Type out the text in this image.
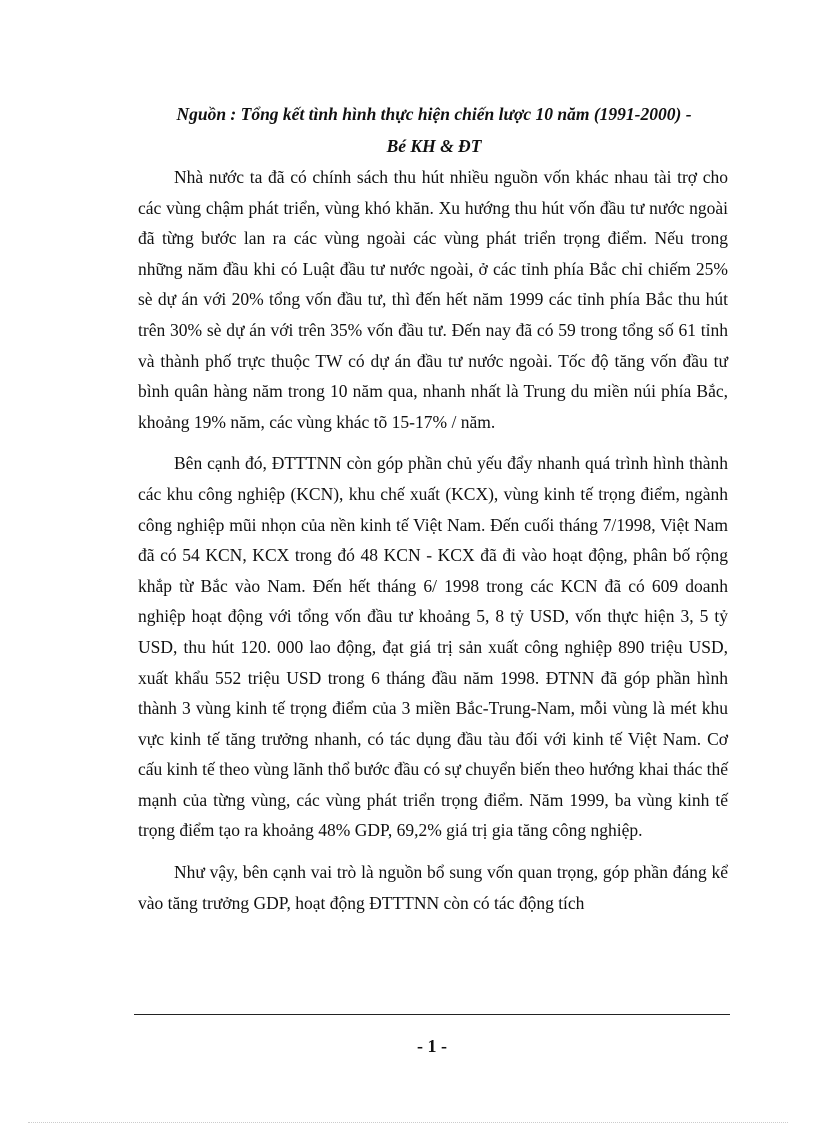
Nguồn : Tổng kết tình hình thực hiện chiến lược 10 năm (1991-2000) -
Bé KH & ĐT

Nhà nước ta đã có chính sách thu hút nhiều nguồn vốn khác nhau tài trợ cho các vùng chậm phát triển, vùng khó khăn. Xu hướng thu hút vốn đầu tư nước ngoài đã từng bước lan ra các vùng ngoài các vùng phát triển trọng điểm. Nếu trong những năm đầu khi có Luật đầu tư nước ngoài, ở các tỉnh phía Bắc chỉ chiếm 25% sè dự án với 20% tổng vốn đầu tư, thì đến hết năm 1999 các tỉnh phía Bắc thu hút trên 30% sè dự án với trên 35% vốn đầu tư. Đến nay đã có 59 trong tổng số 61 tỉnh và thành phố trực thuộc TW có dự án đầu tư nước ngoài. Tốc độ tăng vốn đầu tư bình quân hàng năm trong 10 năm qua, nhanh nhất là Trung du miền núi phía Bắc, khoảng 19% năm, các vùng khác tõ 15-17% / năm.

Bên cạnh đó, ĐTTTNN còn góp phần chủ yếu đẩy nhanh quá trình hình thành các khu công nghiệp (KCN), khu chế xuất (KCX), vùng kinh tế trọng điểm, ngành công nghiệp mũi nhọn của nền kinh tế Việt Nam. Đến cuối tháng 7/1998, Việt Nam đã có 54 KCN, KCX trong đó 48 KCN - KCX đã đi vào hoạt động, phân bố rộng khắp từ Bắc vào Nam. Đến hết tháng 6/ 1998 trong các KCN đã có 609 doanh nghiệp hoạt động với tổng vốn đầu tư khoảng 5, 8 tỷ USD, vốn thực hiện 3, 5 tỷ USD, thu hút 120. 000 lao động, đạt giá trị sản xuất công nghiệp 890 triệu USD, xuất khẩu 552 triệu USD trong 6 tháng đầu năm 1998. ĐTNN đã góp phần hình thành 3 vùng kinh tế trọng điểm của 3 miền Bắc-Trung-Nam, mỗi vùng là mét khu vực kinh tế tăng trưởng nhanh, có tác dụng đầu tàu đối với kinh tế Việt Nam. Cơ cấu kinh tế theo vùng lãnh thổ bước đầu có sự chuyển biến theo hướng khai thác thế mạnh của từng vùng, các vùng phát triển trọng điểm. Năm 1999, ba vùng kinh tế trọng điểm tạo ra khoảng 48% GDP, 69,2% giá trị gia tăng công nghiệp.

Như vậy, bên cạnh vai trò là nguồn bổ sung vốn quan trọng, góp phần đáng kể vào tăng trưởng GDP, hoạt động ĐTTTNN còn có tác động tích

- 1 -
